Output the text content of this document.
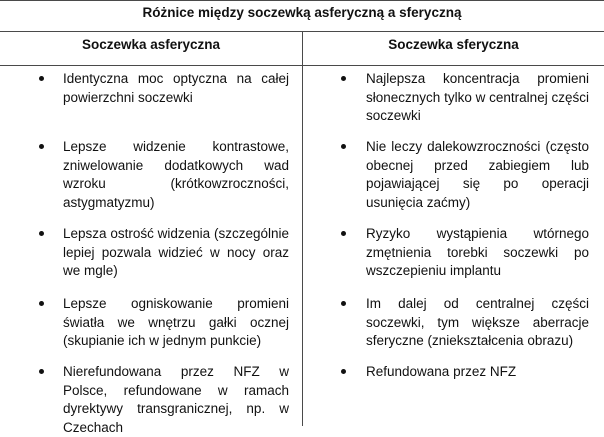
Różnice między soczewką asferyczną a sferyczną
Soczewka asferyczna	Soczewka sferyczna
Identyczna moc optyczna na całej powierzchni soczewki
Lepsze widzenie kontrastowe, zniwelowanie dodatkowych wad wzroku (krótkowzroczności, astygmatyzmu)
Lepsza ostrość widzenia (szczególnie lepiej pozwala widzieć w nocy oraz we mgle)
Lepsze ogniskowanie promieni światła we wnętrzu gałki ocznej (skupianie ich w jednym punkcie)
Nierefundowana przez NFZ w Polsce, refundowane w ramach dyrektywy transgranicznej, np. w Czechach
Najlepsza koncentracja promieni słonecznych tylko w centralnej części soczewki
Nie leczy dalekowzroczności (często obecnej przed zabiegiem lub pojawiającej się po operacji usunięcia zaćmy)
Ryzyko wystąpienia wtórnego zmętnienia torebki soczewki po wszczepieniu implantu
Im dalej od centralnej części soczewki, tym większe aberracje sferyczne (zniekształcenia obrazu)
Refundowana przez NFZ
